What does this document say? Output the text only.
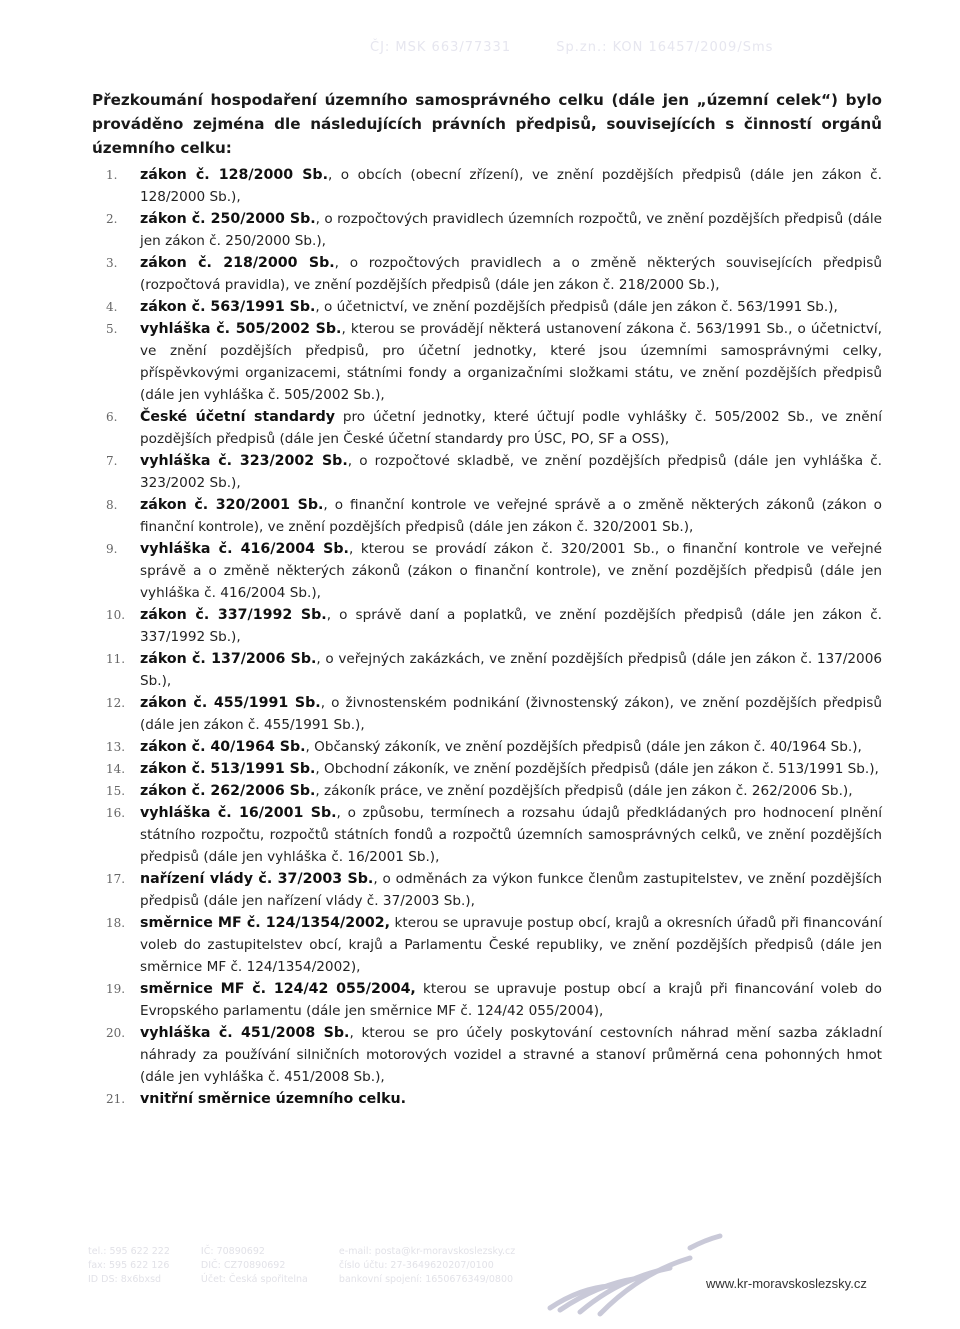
ČJ: MSK 663/77331	Sp.zn.: KON 16457/2009/Sms
Přezkoumání hospodaření územního samosprávného celku (dále jen „územní celek“) bylo prováděno zejména dle následujících právních předpisů, souvisejících s činností orgánů územního celku:
1.	zákon č. 128/2000 Sb., o obcích (obecní zřízení), ve znění pozdějších předpisů (dále jen zákon č. 128/2000 Sb.),
2.	zákon č. 250/2000 Sb., o rozpočtových pravidlech územních rozpočtů, ve znění pozdějších předpisů (dále jen zákon č. 250/2000 Sb.),
3.	zákon č. 218/2000 Sb., o rozpočtových pravidlech a o změně některých souvisejících předpisů (rozpočtová pravidla), ve znění pozdějších předpisů (dále jen zákon č. 218/2000 Sb.),
4.	zákon č. 563/1991 Sb., o účetnictví, ve znění pozdějších předpisů (dále jen zákon č. 563/1991 Sb.),
5.	vyhláška č. 505/2002 Sb., kterou se provádějí některá ustanovení zákona č. 563/1991 Sb., o účetnictví, ve znění pozdějších předpisů, pro účetní jednotky, které jsou územními samosprávnými celky, příspěvkovými organizacemi, státními fondy a organizačními složkami státu, ve znění pozdějších předpisů (dále jen vyhláška č. 505/2002 Sb.),
6.	České účetní standardy pro účetní jednotky, které účtují podle vyhlášky č. 505/2002 Sb., ve znění pozdějších předpisů (dále jen České účetní standardy pro ÚSC, PO, SF a OSS),
7.	vyhláška č. 323/2002 Sb., o rozpočtové skladbě, ve znění pozdějších předpisů (dále jen vyhláška č. 323/2002 Sb.),
8.	zákon č. 320/2001 Sb., o finanční kontrole ve veřejné správě a o změně některých zákonů (zákon o finanční kontrole), ve znění pozdějších předpisů (dále jen zákon č. 320/2001 Sb.),
9.	vyhláška č. 416/2004 Sb., kterou se provádí zákon č. 320/2001 Sb., o finanční kontrole ve veřejné správě a o změně některých zákonů (zákon o finanční kontrole), ve znění pozdějších předpisů (dále jen vyhláška č. 416/2004 Sb.),
10.	zákon č. 337/1992 Sb., o správě daní a poplatků, ve znění pozdějších předpisů (dále jen zákon č. 337/1992 Sb.),
11.	zákon č. 137/2006 Sb., o veřejných zakázkách, ve znění pozdějších předpisů (dále jen zákon č. 137/2006 Sb.),
12.	zákon č. 455/1991 Sb., o živnostenském podnikání (živnostenský zákon), ve znění pozdějších předpisů (dále jen zákon č. 455/1991 Sb.),
13.	zákon č. 40/1964 Sb., Občanský zákoník, ve znění pozdějších předpisů (dále jen zákon č. 40/1964 Sb.),
14.	zákon č. 513/1991 Sb., Obchodní zákoník, ve znění pozdějších předpisů (dále jen zákon č. 513/1991 Sb.),
15.	zákon č. 262/2006 Sb., zákoník práce, ve znění pozdějších předpisů (dále jen zákon č. 262/2006 Sb.),
16.	vyhláška č. 16/2001 Sb., o způsobu, termínech a rozsahu údajů předkládaných pro hodnocení plnění státního rozpočtu, rozpočtů státních fondů a rozpočtů územních samosprávných celků, ve znění pozdějších předpisů (dále jen vyhláška č. 16/2001 Sb.),
17.	nařízení vlády č. 37/2003 Sb., o odměnách za výkon funkce členům zastupitelstev, ve znění pozdějších předpisů (dále jen nařízení vlády č. 37/2003 Sb.),
18.	směrnice MF č. 124/1354/2002, kterou se upravuje postup obcí, krajů a okresních úřadů při financování voleb do zastupitelstev obcí, krajů a Parlamentu České republiky, ve znění pozdějších předpisů (dále jen směrnice MF č. 124/1354/2002),
19.	směrnice MF č. 124/42 055/2004, kterou se upravuje postup obcí a krajů při financování voleb do Evropského parlamentu (dále jen směrnice MF č. 124/42 055/2004),
20.	vyhláška č. 451/2008 Sb., kterou se pro účely poskytování cestovních náhrad mění sazba základní náhrady za používání silničních motorových vozidel a stravné a stanoví průměrná cena pohonných hmot (dále jen vyhláška č. 451/2008 Sb.),
21.	vnitřní směrnice územního celku.
tel.: 595 622 222
fax: 595 622 126
ID DS: 8x6bxsd

IČ: 70890692
DIČ: CZ70890692
Účet: Česká spořitelna

e-mail: posta@kr-moravskoslezsky.cz
číslo účtu: 27-3649620207/0100
bankovní spojení: 1650676349/0800	www.kr-moravskoslezsky.cz
